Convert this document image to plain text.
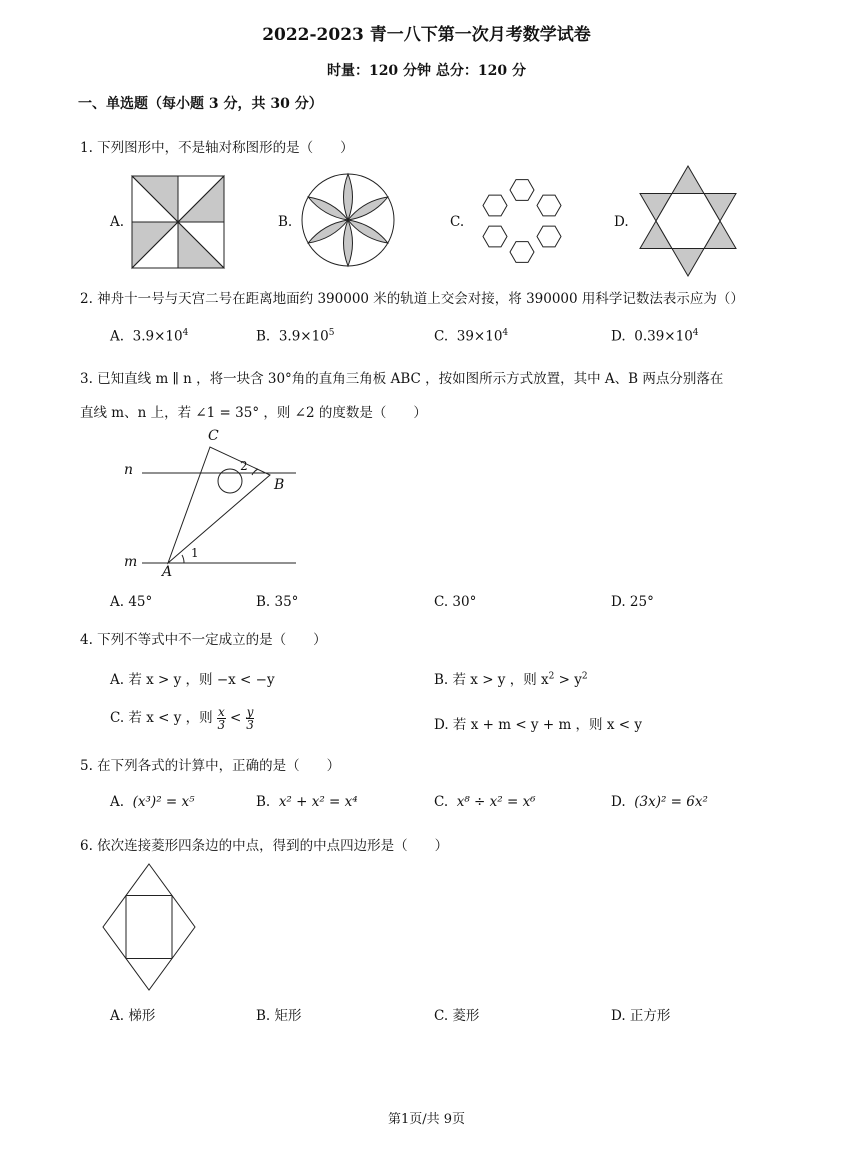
2022-2023 青一八下第一次月考数学试卷
时量：120 分钟 总分：120 分
一、单选题（每小题 3 分，共 30 分）
1. 下列图形中，不是轴对称图形的是（　　）
A.	B.	C.	D.
2. 神舟十一号与天宫二号在距离地面约 390000 米的轨道上交会对接，将 390000 用科学记数法表示应为（）
A. $3.9\times 10^4$	B. $3.9\times 10^5$	C. $39\times 10^4$	D. $0.39\times 10^4$
3. 已知直线 m ∥ n ，将一块含 30°角的直角三角板 ABC ，按如图所示方式放置，其中 A、B 两点分别落在
直线 m、n 上，若 ∠1 = 35° ，则 ∠2 的度数是（　　）
C
n
B
2
m
A
1
A. 45°	B. 35°	C. 30°	D. 25°
4. 下列不等式中不一定成立的是（　　）
A. 若 x > y ，则 −x < −y	B. 若 x > y ，则 $x^2 > y^2$
C. 若 x < y ，则 $\frac{x}{3} < \frac{y}{3}$	D. 若 x + m < y + m ，则 x < y
5. 在下列各式的计算中，正确的是（　　）
A. (x³)² = x⁵	B. x² + x² = x⁴	C. x⁸ ÷ x² = x⁶	D. (3x)² = 6x²
6. 依次连接菱形四条边的中点，得到的中点四边形是（　　）
A. 梯形	B. 矩形	C. 菱形	D. 正方形
第1页/共 9页
